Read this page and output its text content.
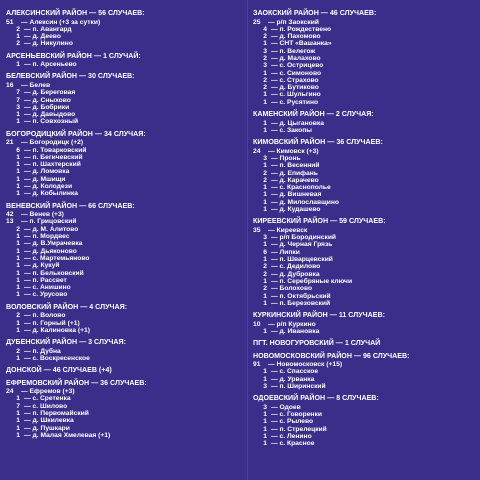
АЛЕКСИНСКИЙ РАЙОН — 56 СЛУЧАЕВ:
51	— Алексин (+3 за сутки)
2 — п. Авангард
1 — д. Деево
2 — д. Никулино
АРСЕНЬЕВСКИЙ РАЙОН — 1 СЛУЧАЙ:
1 — п. Арсеньево
БЕЛЕВСКИЙ РАЙОН — 30 СЛУЧАЕВ:
16	— Белев
7 — д. Береговая
7 — д. Сныхово
3 — д. Бобрики
1 — д. Давыдово
1 — п. Совхозный
БОГОРОДИЦКИЙ РАЙОН — 34 СЛУЧАЯ:
21	— Богородицк (+2)
6 — п. Товарковский
1 — п. Бегичевский
1 — п. Шахтерский
1 — д. Ломовка
1 — д. Мшищи
1 — д. Колодези
1 — д. Кобылинка
ВЕНЕВСКИЙ РАЙОН — 66 СЛУЧАЕВ:
42	— Венев (+3)
13	— п. Грицовский
2 — д. М. Алитово
1 — п. Мордвес
1 — д. В.Умрачевка
1 — д. Дьяконово
1 — с. Мартемьяново
1 — д. Кукуй
1 — п. Бельковский
1 — п. Рассвет
1 — с. Анишино
1 — с. Урусово
ВОЛОВСКИЙ РАЙОН — 4 СЛУЧАЯ:
2 — п. Волово
1 — п. Горный (+1)
1 — д. Калиновка (+1)
ДУБЕНСКИЙ РАЙОН — 3 СЛУЧАЯ:
2 — п. Дубна
1 — с. Воскресенское
ДОНСКОЙ — 46 СЛУЧАЕВ (+4)
ЕФРЕМОВСКИЙ РАЙОН — 36 СЛУЧАЕВ:
24	— Ефремов (+3)
1 — с. Сретенка
7 — с. Шилово
1 — п. Первомайский
1 — д. Шкилевка
1 — д. Пушкари
1 — д. Малая Хмелевая (+1)
ЗАОКСКИЙ РАЙОН — 46 СЛУЧАЕВ:
25	— р/п Заокский
4 — п. Рождествено
2 — д. Пахомово
1 — СНТ «Вашанка»
3 — п. Велегож
2 — д. Малахово
3 — с. Острицево
1 — с. Симоново
2 — с. Страхово
2 — д. Бутиково
1 — с. Шульгино
1 — с. Русятино
КАМЕНСКИЙ РАЙОН — 2 СЛУЧАЯ:
1 — д. Цыгановка
1 — с. Закопы
КИМОВСКИЙ РАЙОН — 36 СЛУЧАЕВ:
24	— Кимовск (+3)
3 — Пронь
1 — п. Весенний
2 — д. Епифань
2 — д. Карачево
1 — с. Краснополье
1 — д. Вишневая
1 — д. Милославщино
1 — д. Кудашево
КИРЕЕВСКИЙ РАЙОН — 59 СЛУЧАЕВ:
35	— Киреевск
3 — р/п Бородинский
1 — д. Черная Грязь
6 — Липки
1 — п. Шварцевский
2 — с. Дедилово
2 — д. Дубровка
1 — п. Серебряные ключи
2 — Болохово
1 — п. Октябрьский
1 — п. Березовский
КУРКИНСКИЙ РАЙОН — 11 СЛУЧАЕВ:
10	— р/п Куркино
1 — д. Ивановка
ПГТ. НОВОГУРОВСКИЙ — 1 СЛУЧАЙ
НОВОМОСКОВСКИЙ РАЙОН — 96 СЛУЧАЕВ:
91	— Новомосковск (+15)
1 — с. Спасское
1 — д. Урванка
3 — п. Ширинский
ОДОЕВСКИЙ РАЙОН — 8 СЛУЧАЕВ:
3 — Одоев
1 — с. Говоренки
1 — с. Рылево
1 — п. Стрелецкий
1 — с. Ленино
1 — с. Красное
